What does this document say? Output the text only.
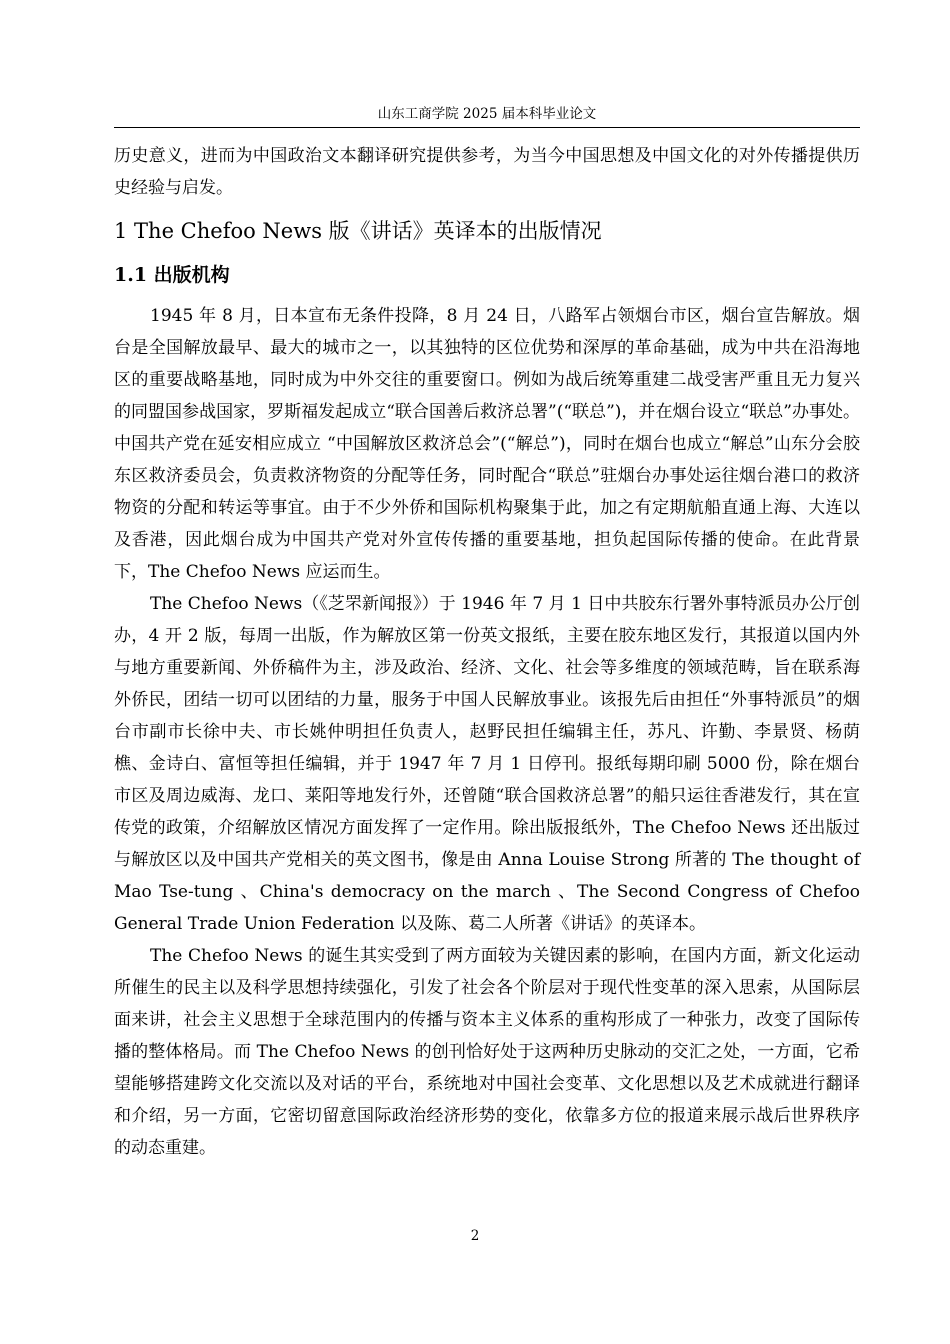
山东工商学院 2025 届本科毕业论文

历史意义，进而为中国政治文本翻译研究提供参考，为当今中国思想及中国文化的对外传播提供历史经验与启发。

1 The Chefoo News 版《讲话》英译本的出版情况
1.1 出版机构

1945 年 8 月，日本宣布无条件投降，8 月 24 日，八路军占领烟台市区，烟台宣告解放。烟台是全国解放最早、最大的城市之一，以其独特的区位优势和深厚的革命基础，成为中共在沿海地区的重要战略基地，同时成为中外交往的重要窗口。例如为战后统筹重建二战受害严重且无力复兴的同盟国参战国家，罗斯福发起成立“联合国善后救济总署”(“联总”)，并在烟台设立“联总”办事处。中国共产党在延安相应成立 “中国解放区救济总会”(“解总”)，同时在烟台也成立“解总”山东分会胶东区救济委员会，负责救济物资的分配等任务，同时配合“联总”驻烟台办事处运往烟台港口的救济物资的分配和转运等事宜。由于不少外侨和国际机构聚集于此，加之有定期航船直通上海、大连以及香港，因此烟台成为中国共产党对外宣传传播的重要基地，担负起国际传播的使命。在此背景下，The Chefoo News 应运而生。

The Chefoo News（《芝罘新闻报》）于 1946 年 7 月 1 日中共胶东行署外事特派员办公厅创办，4 开 2 版，每周一出版，作为解放区第一份英文报纸，主要在胶东地区发行，其报道以国内外与地方重要新闻、外侨稿件为主，涉及政治、经济、文化、社会等多维度的领域范畴，旨在联系海外侨民，团结一切可以团结的力量，服务于中国人民解放事业。该报先后由担任“外事特派员”的烟台市副市长徐中夫、市长姚仲明担任负责人，赵野民担任编辑主任，苏凡、许勤、李景贤、杨荫樵、金诗白、富恒等担任编辑，并于 1947 年 7 月 1 日停刊。报纸每期印刷 5000 份，除在烟台市区及周边威海、龙口、莱阳等地发行外，还曾随“联合国救济总署”的船只运往香港发行，其在宣传党的政策，介绍解放区情况方面发挥了一定作用。除出版报纸外，The Chefoo News 还出版过与解放区以及中国共产党相关的英文图书，像是由 Anna Louise Strong 所著的 The thought of Mao Tse-tung 、China's democracy on the march 、The Second Congress of Chefoo General Trade Union Federation 以及陈、葛二人所著《讲话》的英译本。

The Chefoo News 的诞生其实受到了两方面较为关键因素的影响，在国内方面，新文化运动所催生的民主以及科学思想持续强化，引发了社会各个阶层对于现代性变革的深入思索，从国际层面来讲，社会主义思想于全球范围内的传播与资本主义体系的重构形成了一种张力，改变了国际传播的整体格局。而 The Chefoo News 的创刊恰好处于这两种历史脉动的交汇之处，一方面，它希望能够搭建跨文化交流以及对话的平台，系统地对中国社会变革、文化思想以及艺术成就进行翻译和介绍，另一方面，它密切留意国际政治经济形势的变化，依靠多方位的报道来展示战后世界秩序的动态重建。

2
